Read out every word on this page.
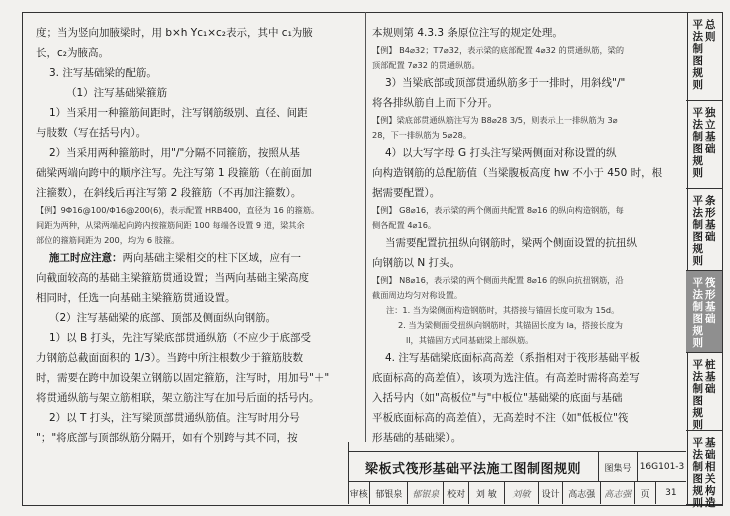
度；当为竖向加腋梁时，用 b×h Yc₁×c₂表示，其中 c₁为腋

长，c₂为腋高。

3. 注写基础梁的配筋。

（1）注写基础梁箍筋

1）当采用一种箍筋间距时，注写钢筋级别、直径、间距

与肢数（写在括号内）。

2）当采用两种箍筋时，用"/"分隔不同箍筋，按照从基

础梁两端向跨中的顺序注写。先注写第 1 段箍筋（在前面加

注箍数），在斜线后再注写第 2 段箍筋（不再加注箍数）。

【例】9Φ16@100/Φ16@200(6)，表示配置 HRB400，直径为 16 的箍筋。

间距为两种，从梁两端起向跨内按箍筋间距 100 每端各设置 9 道，梁其余

部位的箍筋间距为 200，均为 6 肢箍。

施工时应注意：两向基础主梁相交的柱下区域，应有一

向截面较高的基础主梁箍筋贯通设置；当两向基础主梁高度

相同时，任选一向基础主梁箍筋贯通设置。

（2）注写基础梁的底部、顶部及侧面纵向钢筋。

1）以 B 打头，先注写梁底部贯通纵筋（不应少于底部受

力钢筋总截面面积的 1/3）。当跨中所注根数少于箍筋肢数

时，需要在跨中加设架立钢筋以固定箍筋，注写时，用加号"＋"

将贯通纵筋与架立筋相联，架立筋注写在加号后面的括号内。

2）以 T 打头，注写梁顶部贯通纵筋值。注写时用分号

"；"将底部与顶部纵筋分隔开，如有个别跨与其不同，按

本规则第 4.3.3 条原位注写的规定处理。

【例】 B4⌀32；T7⌀32，表示梁的底部配置 4⌀32 的贯通纵筋，梁的

顶部配置 7⌀32 的贯通纵筋。

3）当梁底部或顶部贯通纵筋多于一排时，用斜线"/"

将各排纵筋自上而下分开。

【例】梁底部贯通纵筋注写为 B8⌀28 3/5，则表示上一排纵筋为 3⌀

28，下一排纵筋为 5⌀28。

4）以大写字母 G 打头注写梁两侧面对称设置的纵

向构造钢筋的总配筋值（当梁腹板高度 hw 不小于 450 时，根

据需要配置）。

【例】 G8⌀16，表示梁的两个侧面共配置 8⌀16 的纵向构造钢筋，每

侧各配置 4⌀16。

当需要配置抗扭纵向钢筋时，梁两个侧面设置的抗扭纵

向钢筋以 N 打头。

【例】 N8⌀16，表示梁的两个侧面共配置 8⌀16 的纵向抗扭钢筋，沿

截面周边均匀对称设置。

注：1. 当为梁侧面构造钢筋时，其搭接与锚固长度可取为 15d。

2. 当为梁侧面受扭纵向钢筋时，其锚固长度为 la，搭接长度为

ll，其锚固方式同基础梁上部纵筋。

4. 注写基础梁底面标高高差（系指相对于筏形基础平板

底面标高的高差值），该项为选注值。有高差时需将高差写

入括号内（如"高板位"与"中板位"基础梁的底面与基础

平板底面标高的高差值），无高差时不注（如"低板位"筏

形基础的基础梁）。

梁板式筏形基础平法施工图制图规则	图集号 16G101-3
审核 郁银泉	郁银泉 校对	刘 敏	刘敏	设计 高志强	高志强	页	31
平
法
制
图
规
则
总
则
平
法
制
图
规
则
独
立
基
础
平
法
制
图
规
则
条
形
基
础
平
法
制
图
规
则
筏
形
基
础
平
法
制
图
规
则
桩
基
础
平
法
制
图
规
则
基
础
相
关
构
造
